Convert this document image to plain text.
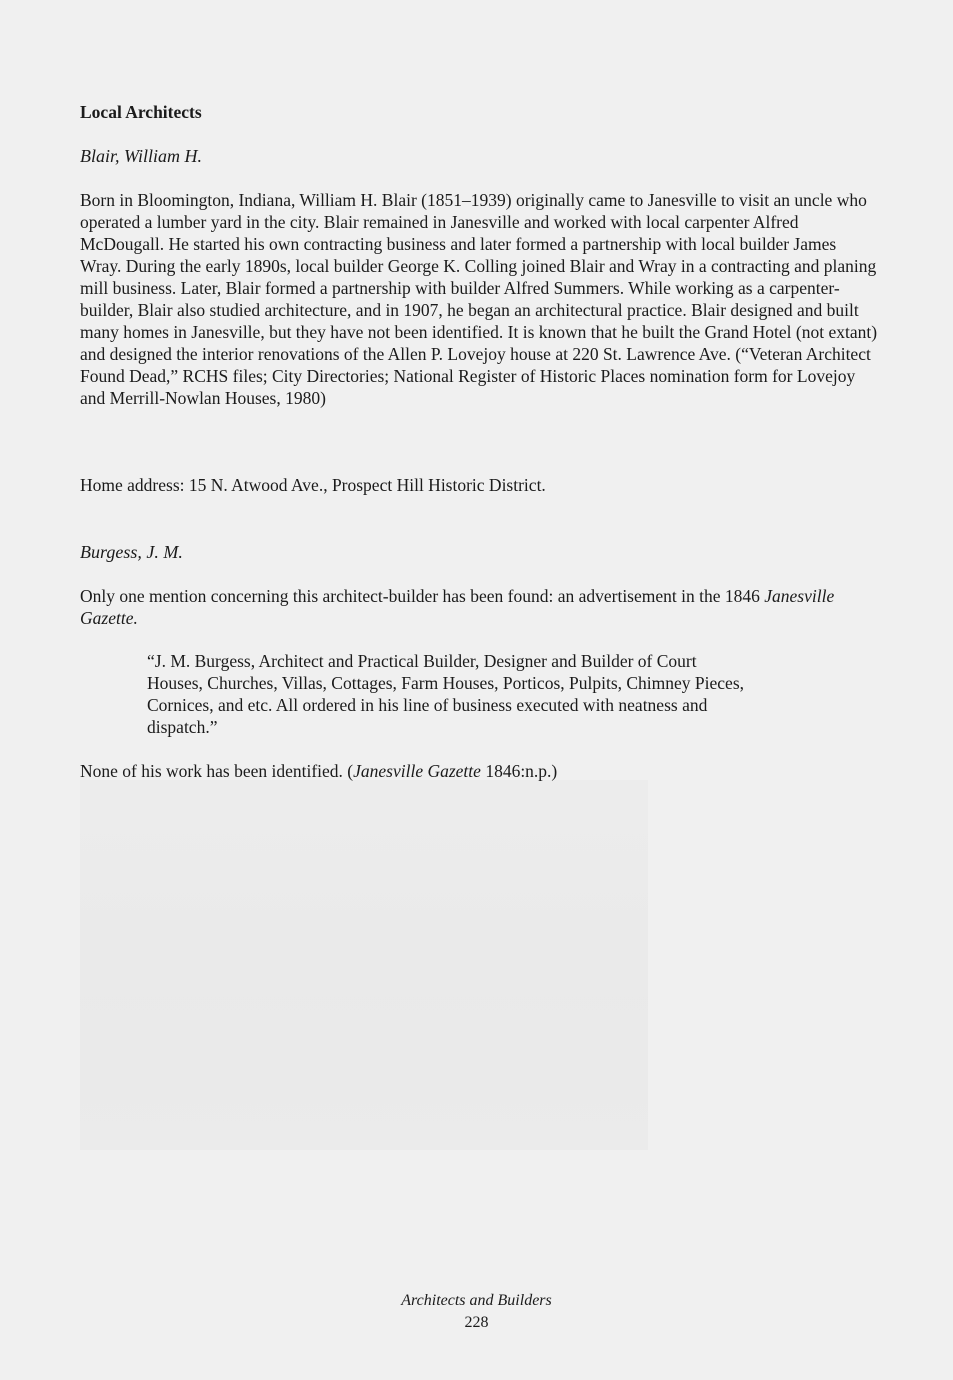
Local Architects
Blair, William H.
Born in Bloomington, Indiana, William H. Blair (1851–1939) originally came to Janesville to visit an uncle who operated a lumber yard in the city. Blair remained in Janesville and worked with local carpenter Alfred McDougall. He started his own contracting business and later formed a partnership with local builder James Wray. During the early 1890s, local builder George K. Colling joined Blair and Wray in a contracting and planing mill business. Later, Blair formed a partnership with builder Alfred Summers. While working as a carpenter-builder, Blair also studied architecture, and in 1907, he began an architectural practice. Blair designed and built many homes in Janesville, but they have not been identified. It is known that he built the Grand Hotel (not extant) and designed the interior renovations of the Allen P. Lovejoy house at 220 St. Lawrence Ave. (“Veteran Architect Found Dead,” RCHS files; City Directories; National Register of Historic Places nomination form for Lovejoy and Merrill-Nowlan Houses, 1980)
Home address: 15 N. Atwood Ave., Prospect Hill Historic District.
Burgess, J. M.
Only one mention concerning this architect-builder has been found: an advertisement in the 1846 Janesville Gazette.
“J. M. Burgess, Architect and Practical Builder, Designer and Builder of Court Houses, Churches, Villas, Cottages, Farm Houses, Porticos, Pulpits, Chimney Pieces, Cornices, and etc. All ordered in his line of business executed with neatness and dispatch.”
None of his work has been identified. (Janesville Gazette 1846:n.p.)
Architects and Builders
228
